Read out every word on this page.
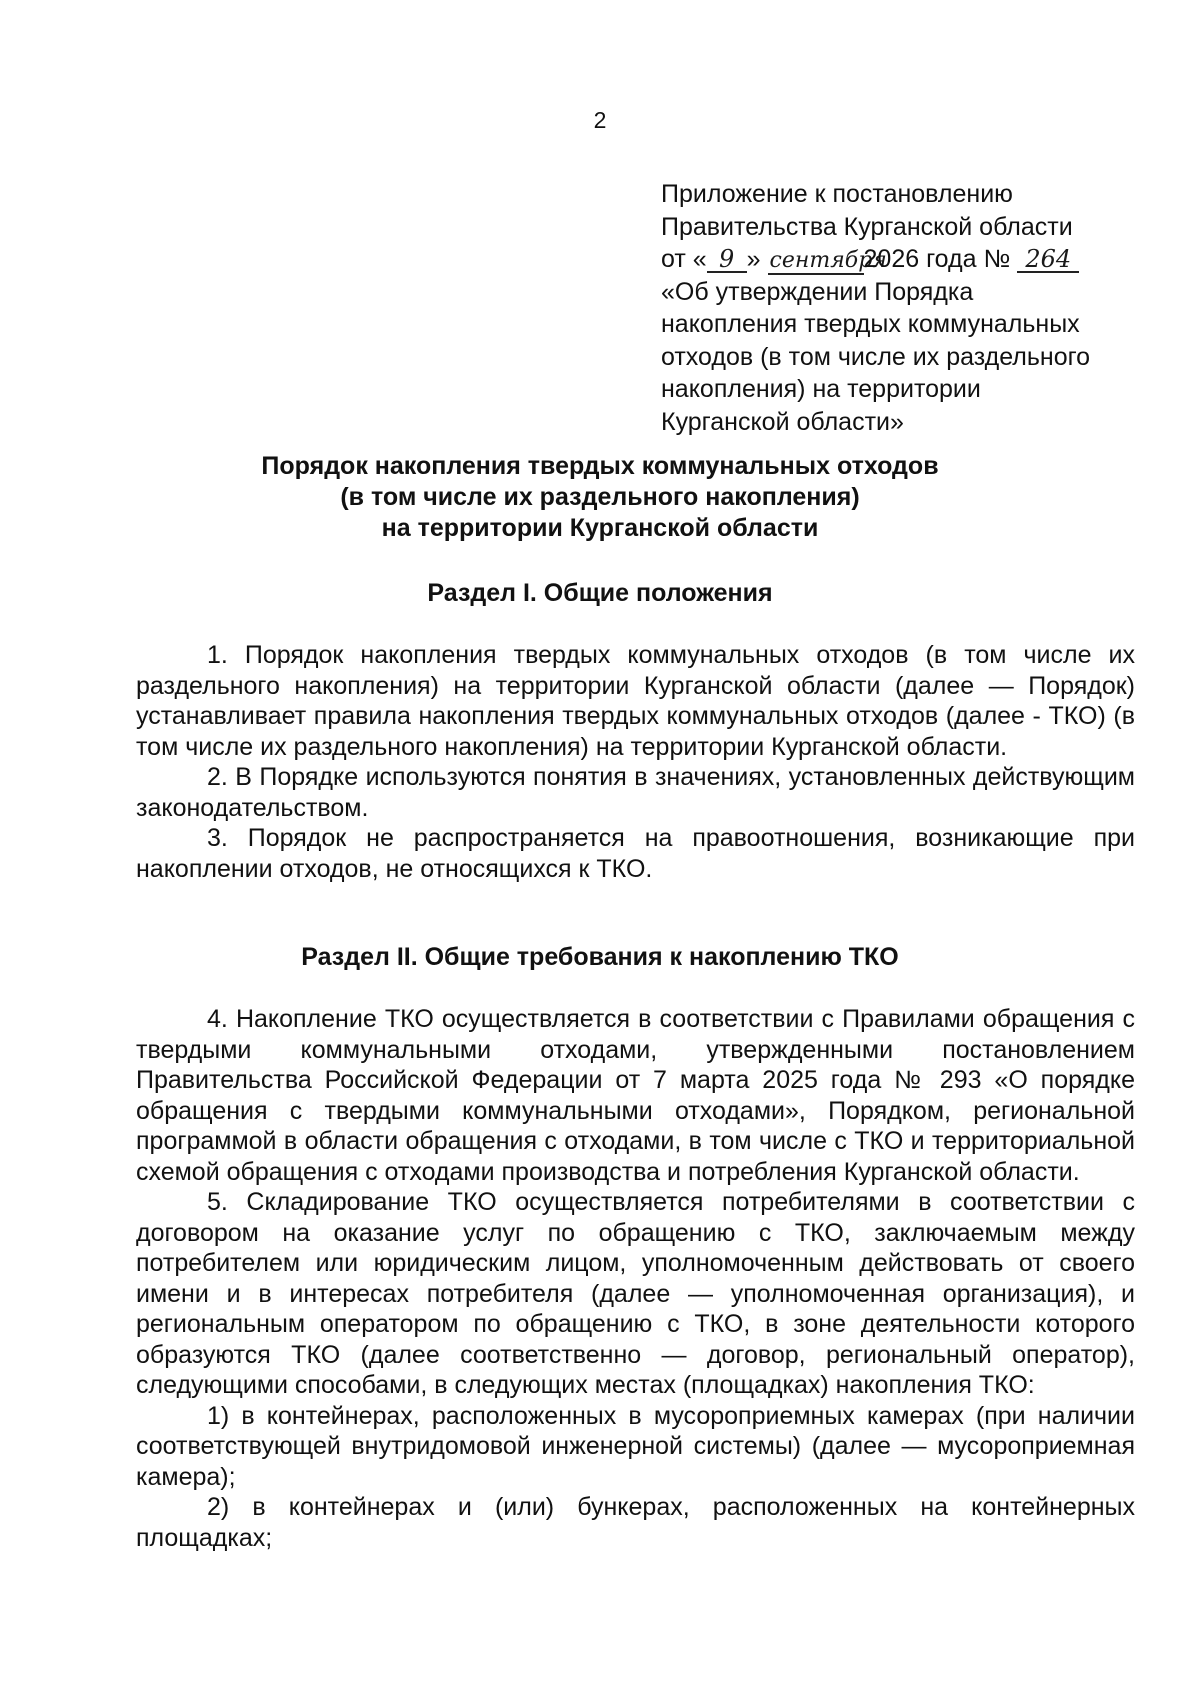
2
Приложение к постановлению
Правительства Курганской области
от « 9 » сентября2026 года № 264
«Об утверждении Порядка
накопления твердых коммунальных
отходов (в том числе их раздельного
накопления) на территории
Курганской области»
Порядок накопления твердых коммунальных отходов
(в том числе их раздельного накопления)
на территории Курганской области
Раздел I. Общие положения

1. Порядок накопления твердых коммунальных отходов (в том числе их раздельного накопления) на территории Курганской области (далее — Порядок) устанавливает правила накопления твердых коммунальных отходов (далее - ТКО) (в том числе их раздельного накопления) на территории Курганской области.

2. В Порядке используются понятия в значениях, установленных действующим законодательством.

3. Порядок не распространяется на правоотношения, возникающие при накоплении отходов, не относящихся к ТКО.

Раздел II. Общие требования к накоплению ТКО

4. Накопление ТКО осуществляется в соответствии с Правилами обращения с твердыми коммунальными отходами, утвержденными постановлением Правительства Российской Федерации от 7 марта 2025 года № 293 «О порядке обращения с твердыми коммунальными отходами», Порядком, региональной программой в области обращения с отходами, в том числе с ТКО и территориальной схемой обращения с отходами производства и потребления Курганской области.

5. Складирование ТКО осуществляется потребителями в соответствии с договором на оказание услуг по обращению с ТКО, заключаемым между потребителем или юридическим лицом, уполномоченным действовать от своего имени и в интересах потребителя (далее — уполномоченная организация), и региональным оператором по обращению с ТКО, в зоне деятельности которого образуются ТКО (далее соответственно — договор, региональный оператор), следующими способами, в следующих местах (площадках) накопления ТКО:

1) в контейнерах, расположенных в мусороприемных камерах (при наличии соответствующей внутридомовой инженерной системы) (далее — мусороприемная камера);

2) в контейнерах и (или) бункерах, расположенных на контейнерных площадках;
